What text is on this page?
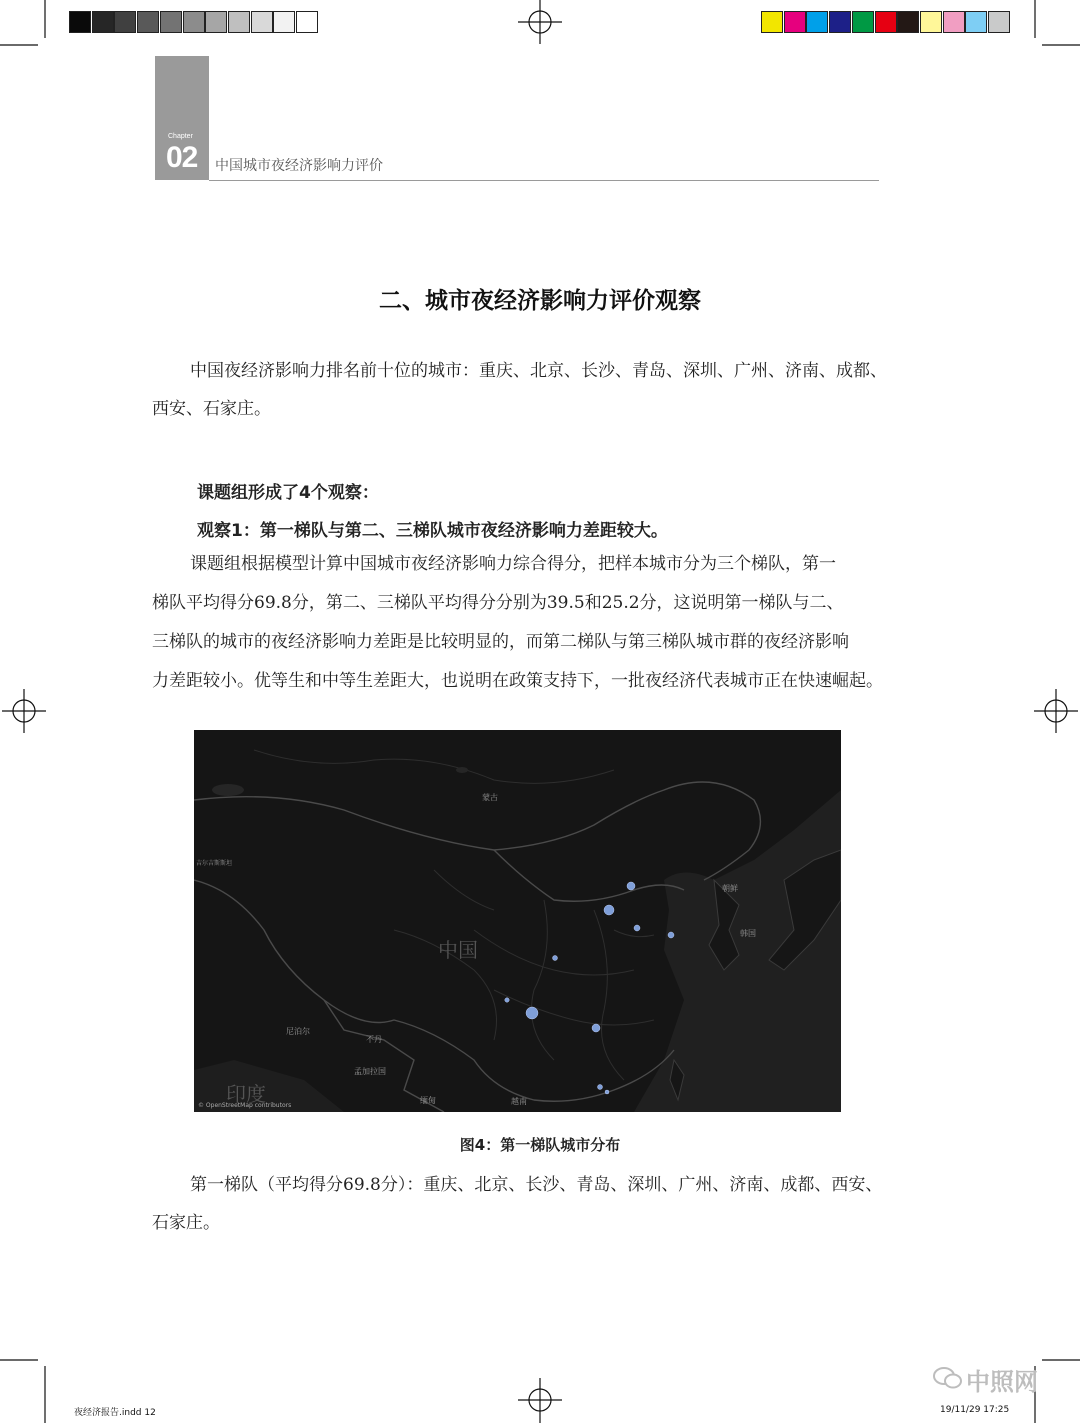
Chapter
02 中国城市夜经济影响力评价
二、城市夜经济影响力评价观察
中国夜经济影响力排名前十位的城市：重庆、北京、长沙、青岛、深圳、广州、济南、成都、
西安、石家庄。
课题组形成了4个观察：
观察1：第一梯队与第二、三梯队城市夜经济影响力差距较大。
课题组根据模型计算中国城市夜经济影响力综合得分，把样本城市分为三个梯队，第一
梯队平均得分69.8分，第二、三梯队平均得分分别为39.5和25.2分，这说明第一梯队与二、
三梯队的城市的夜经济影响力差距是比较明显的，而第二梯队与第三梯队城市群的夜经济影响
力差距较小。优等生和中等生差距大，也说明在政策支持下，一批夜经济代表城市正在快速崛起。
蒙古
中国
印度
吉尔吉斯斯坦
尼泊尔
不丹
孟加拉国
缅甸	越南
朝鲜
韩国
© OpenStreetMap contributors
图4：第一梯队城市分布
第一梯队（平均得分69.8分）：重庆、北京、长沙、青岛、深圳、广州、济南、成都、西安、
石家庄。
中照网
夜经济报告.indd 12	19/11/29 17:25
